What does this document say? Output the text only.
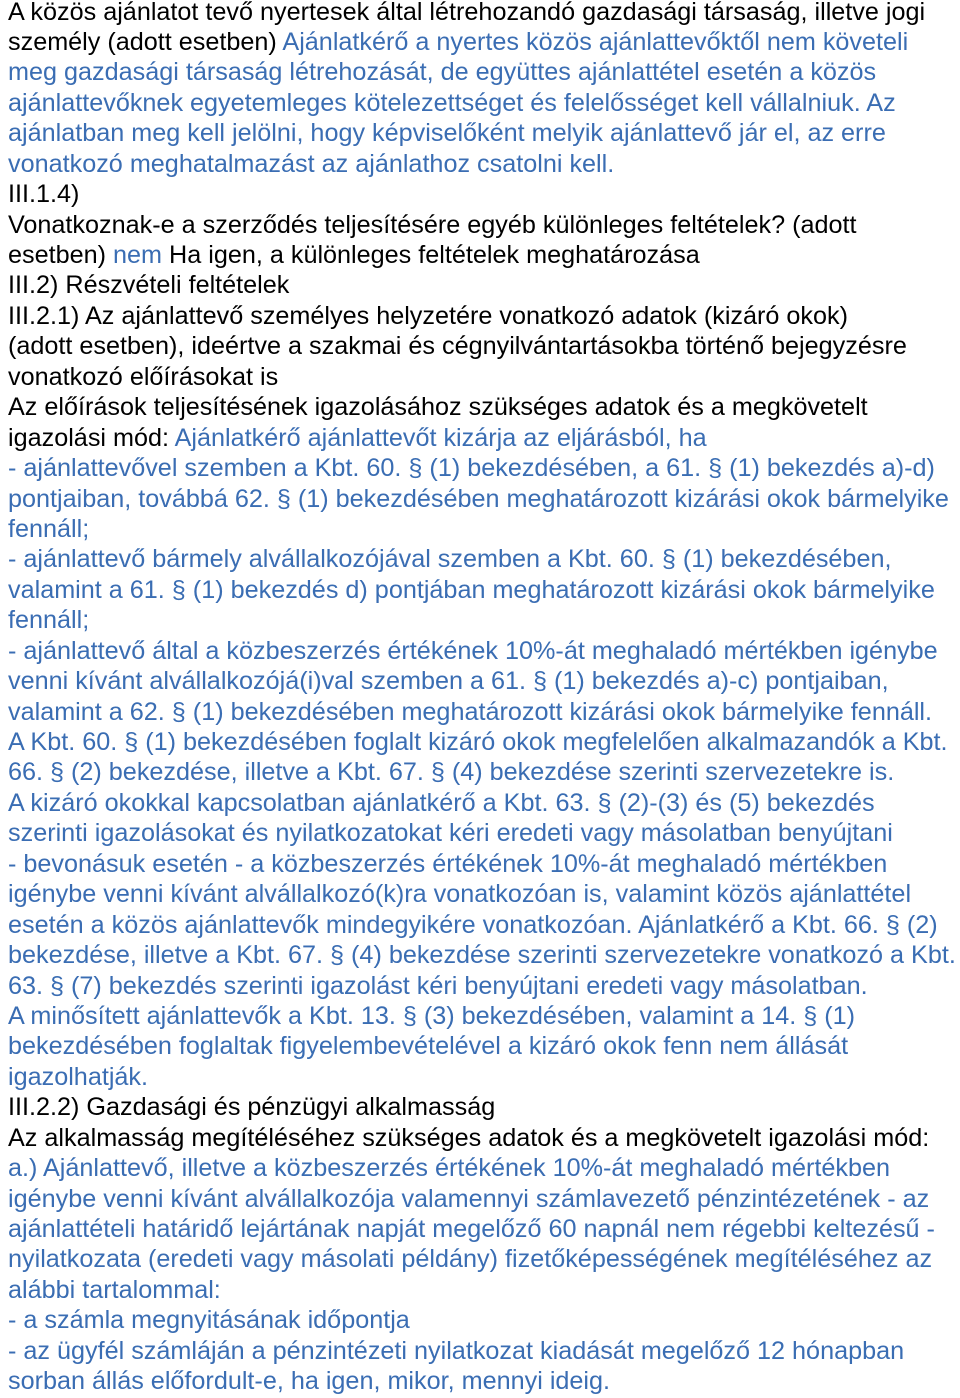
A közös ajánlatot tevő nyertesek által létrehozandó gazdasági társaság, illetve jogi
személy (adott esetben) Ajánlatkérő a nyertes közös ajánlattevőktől nem követeli
meg gazdasági társaság létrehozását, de együttes ajánlattétel esetén a közös
ajánlattevőknek egyetemleges kötelezettséget és felelősséget kell vállalniuk. Az
ajánlatban meg kell jelölni, hogy képviselőként melyik ajánlattevő jár el, az erre
vonatkozó meghatalmazást az ajánlathoz csatolni kell.
III.1.4)
Vonatkoznak-e a szerződés teljesítésére egyéb különleges feltételek? (adott
esetben) nem Ha igen, a különleges feltételek meghatározása
III.2) Részvételi feltételek
III.2.1) Az ajánlattevő személyes helyzetére vonatkozó adatok (kizáró okok)
(adott esetben), ideértve a szakmai és cégnyilvántartásokba történő bejegyzésre
vonatkozó előírásokat is
Az előírások teljesítésének igazolásához szükséges adatok és a megkövetelt
igazolási mód: Ajánlatkérő ajánlattevőt kizárja az eljárásból, ha
- ajánlattevővel szemben a Kbt. 60. § (1) bekezdésében, a 61. § (1) bekezdés a)-d)
pontjaiban, továbbá 62. § (1) bekezdésében meghatározott kizárási okok bármelyike
fennáll;
- ajánlattevő bármely alvállalkozójával szemben a Kbt. 60. § (1) bekezdésében,
valamint a 61. § (1) bekezdés d) pontjában meghatározott kizárási okok bármelyike
fennáll;
- ajánlattevő által a közbeszerzés értékének 10%-át meghaladó mértékben igénybe
venni kívánt alvállalkozójá(i)val szemben a 61. § (1) bekezdés a)-c) pontjaiban,
valamint a 62. § (1) bekezdésében meghatározott kizárási okok bármelyike fennáll.
A Kbt. 60. § (1) bekezdésében foglalt kizáró okok megfelelően alkalmazandók a Kbt.
66. § (2) bekezdése, illetve a Kbt. 67. § (4) bekezdése szerinti szervezetekre is.
A kizáró okokkal kapcsolatban ajánlatkérő a Kbt. 63. § (2)-(3) és (5) bekezdés
szerinti igazolásokat és nyilatkozatokat kéri eredeti vagy másolatban benyújtani
- bevonásuk esetén - a közbeszerzés értékének 10%-át meghaladó mértékben
igénybe venni kívánt alvállalkozó(k)ra vonatkozóan is, valamint közös ajánlattétel
esetén a közös ajánlattevők mindegyikére vonatkozóan. Ajánlatkérő a Kbt. 66. § (2)
bekezdése, illetve a Kbt. 67. § (4) bekezdése szerinti szervezetekre vonatkozó a Kbt.
63. § (7) bekezdés szerinti igazolást kéri benyújtani eredeti vagy másolatban.
A minősített ajánlattevők a Kbt. 13. § (3) bekezdésében, valamint a 14. § (1)
bekezdésében foglaltak figyelembevételével a kizáró okok fenn nem állását
igazolhatják.
III.2.2) Gazdasági és pénzügyi alkalmasság
Az alkalmasság megítéléséhez szükséges adatok és a megkövetelt igazolási mód:
a.) Ajánlattevő, illetve a közbeszerzés értékének 10%-át meghaladó mértékben
igénybe venni kívánt alvállalkozója valamennyi számlavezető pénzintézetének - az
ajánlattételi határidő lejártának napját megelőző 60 napnál nem régebbi keltezésű -
nyilatkozata (eredeti vagy másolati példány) fizetőképességének megítéléséhez az
alábbi tartalommal:
- a számla megnyitásának időpontja
- az ügyfél számláján a pénzintézeti nyilatkozat kiadását megelőző 12 hónapban
sorban állás előfordult-e, ha igen, mikor, mennyi ideig.
